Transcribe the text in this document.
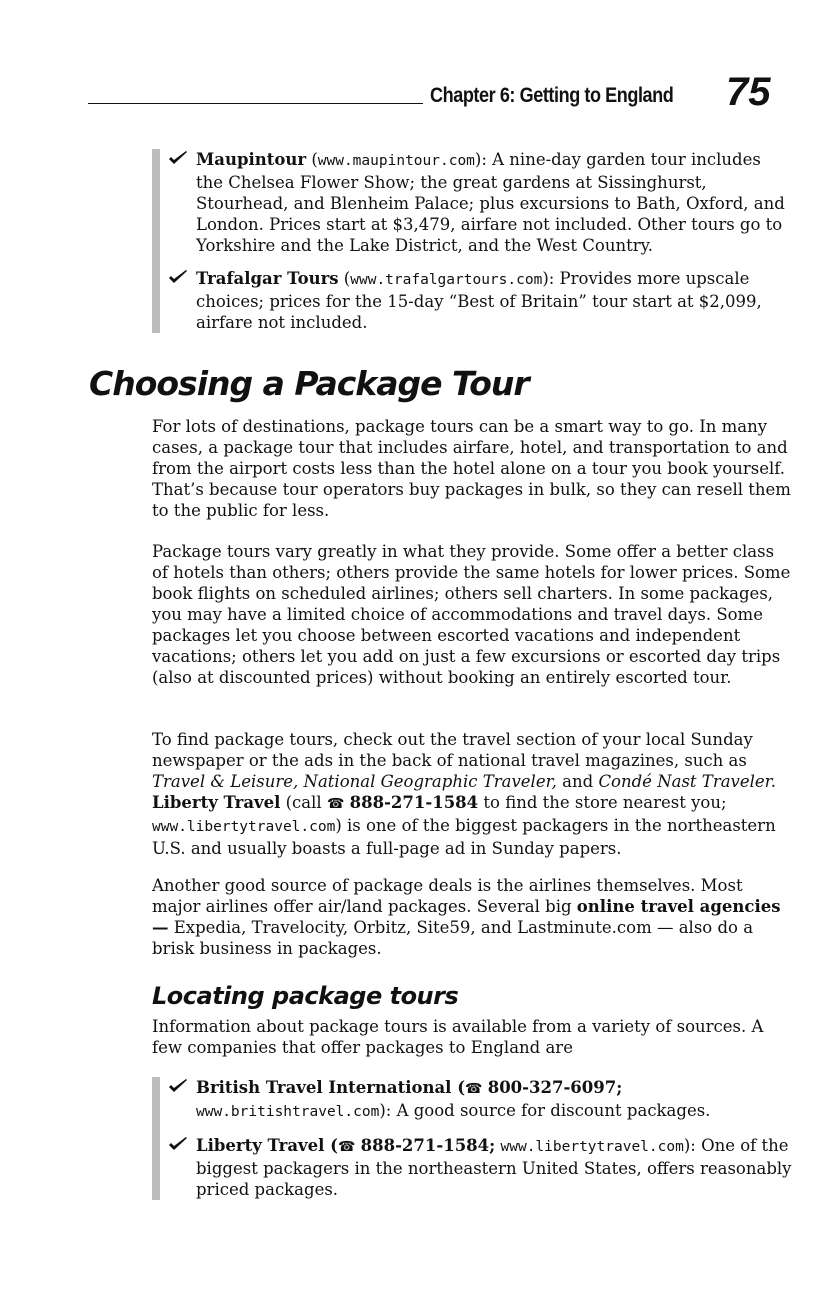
Chapter 6: Getting to England 75
Maupintour (www.maupintour.com): A nine-day garden tour includes the Chelsea Flower Show; the great gardens at Sissinghurst, Stourhead, and Blenheim Palace; plus excursions to Bath, Oxford, and London. Prices start at $3,479, airfare not included. Other tours go to Yorkshire and the Lake District, and the West Country.
Trafalgar Tours (www.trafalgartours.com): Provides more upscale choices; prices for the 15-day “Best of Britain” tour start at $2,099, airfare not included.
Choosing a Package Tour

For lots of destinations, package tours can be a smart way to go. In many cases, a package tour that includes airfare, hotel, and transportation to and from the airport costs less than the hotel alone on a tour you book yourself. That’s because tour operators buy packages in bulk, so they can resell them to the public for less.

Package tours vary greatly in what they provide. Some offer a better class of hotels than others; others provide the same hotels for lower prices. Some book flights on scheduled airlines; others sell charters. In some packages, you may have a limited choice of accommodations and travel days. Some packages let you choose between escorted vacations and independent vacations; others let you add on just a few excursions or escorted day trips (also at discounted prices) without booking an entirely escorted tour.

To find package tours, check out the travel section of your local Sunday newspaper or the ads in the back of national travel magazines, such as Travel & Leisure, National Geographic Traveler, and Condé Nast Traveler. Liberty Travel (call ☎ 888-271-1584 to find the store nearest you; www.libertytravel.com) is one of the biggest packagers in the northeastern U.S. and usually boasts a full-page ad in Sunday papers.

Another good source of package deals is the airlines themselves. Most major airlines offer air/land packages. Several big online travel agencies — Expedia, Travelocity, Orbitz, Site59, and Lastminute.com — also do a brisk business in packages.

Locating package tours

Information about package tours is available from a variety of sources. A few companies that offer packages to England are

British Travel International (☎ 800-327-6097; www.britishtravel.com): A good source for discount packages.
Liberty Travel (☎ 888-271-1584; www.libertytravel.com): One of the biggest packagers in the northeastern United States, offers reasonably priced packages.
